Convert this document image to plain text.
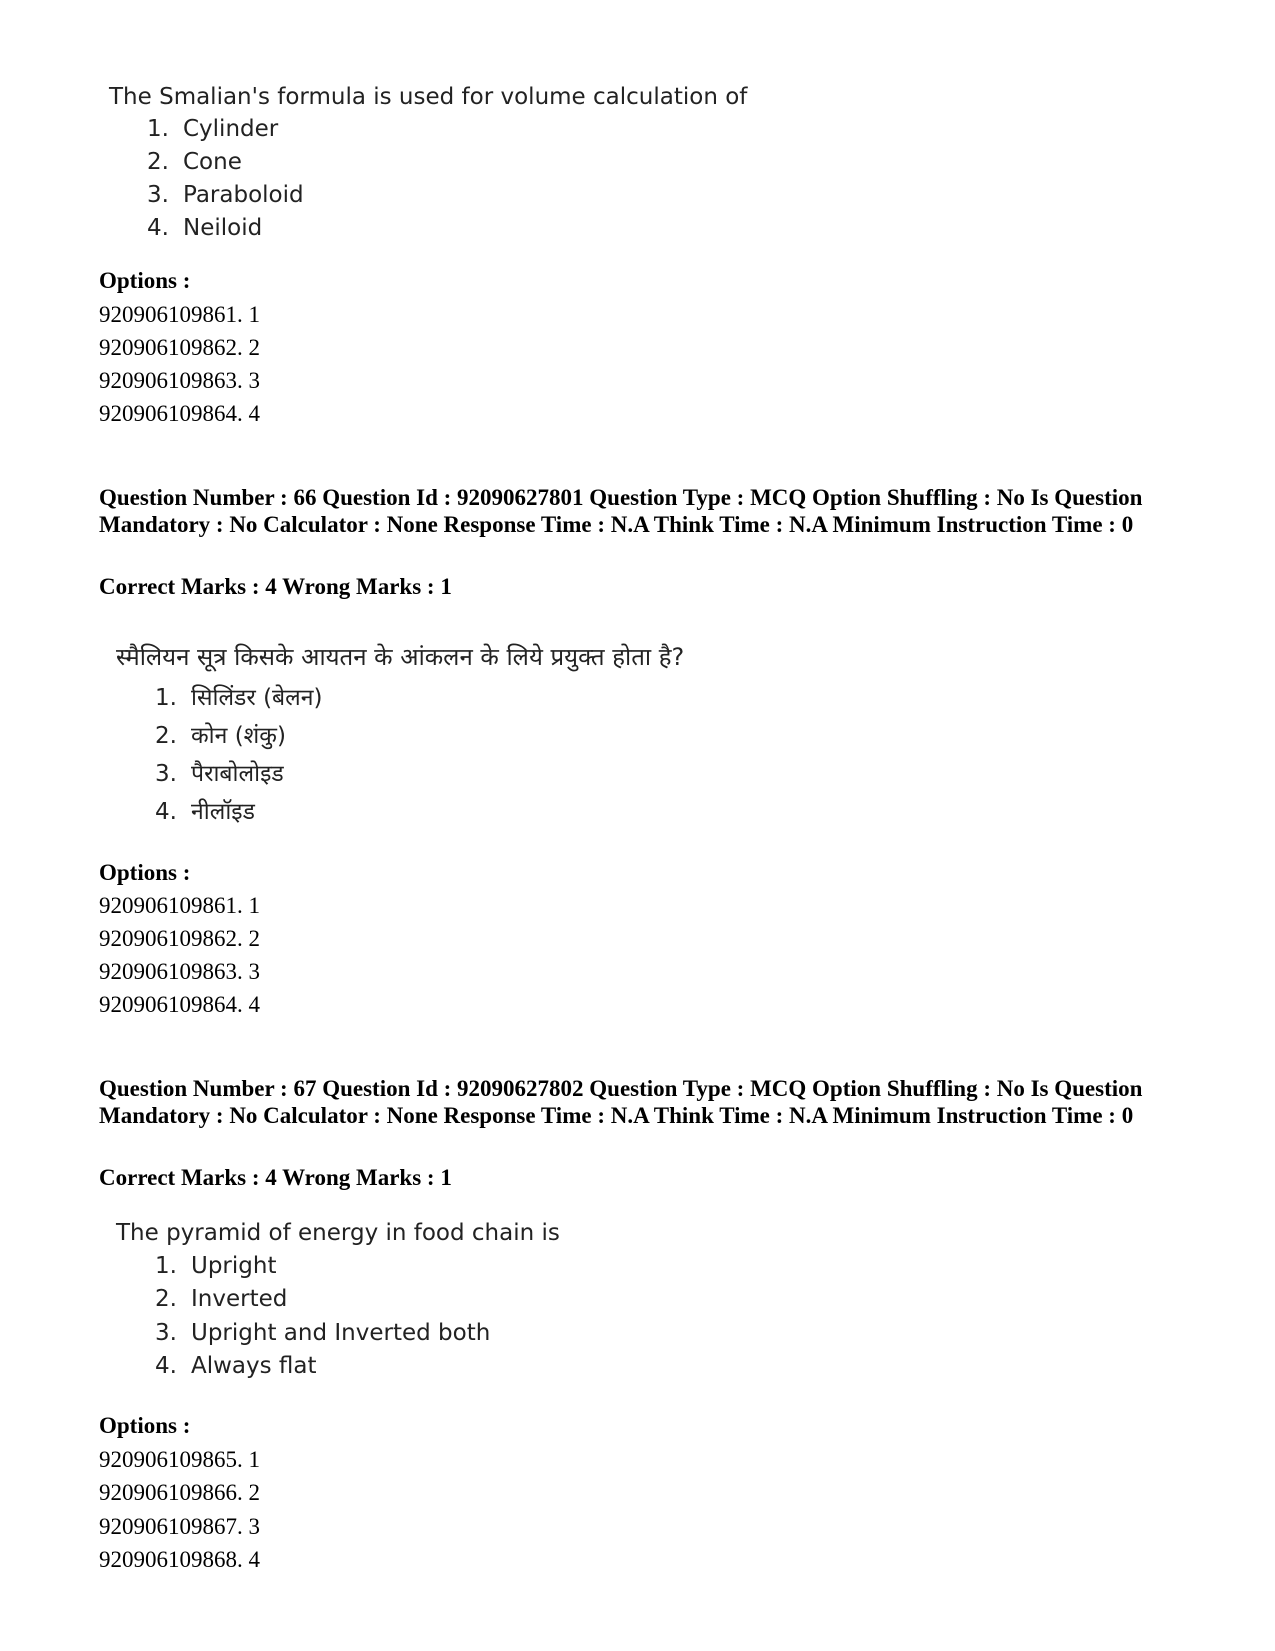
The Smalian's formula is used for volume calculation of
1. Cylinder
2. Cone
3. Paraboloid
4. Neiloid
Options :
920906109861. 1
920906109862. 2
920906109863. 3
920906109864. 4
Question Number : 66 Question Id : 92090627801 Question Type : MCQ Option Shuffling : No Is Question Mandatory : No Calculator : None Response Time : N.A Think Time : N.A Minimum Instruction Time : 0
Correct Marks : 4 Wrong Marks : 1
स्मैलियन सूत्र किसके आयतन के आंकलन के लिये प्रयुक्त होता है?
1. सिलिंडर (बेलन)
2. कोन (शंकु)
3. पैराबोलोइड
4. नीलॉइड
Options :
920906109861. 1
920906109862. 2
920906109863. 3
920906109864. 4
Question Number : 67 Question Id : 92090627802 Question Type : MCQ Option Shuffling : No Is Question Mandatory : No Calculator : None Response Time : N.A Think Time : N.A Minimum Instruction Time : 0
Correct Marks : 4 Wrong Marks : 1
The pyramid of energy in food chain is
1. Upright
2. Inverted
3. Upright and Inverted both
4. Always flat
Options :
920906109865. 1
920906109866. 2
920906109867. 3
920906109868. 4
